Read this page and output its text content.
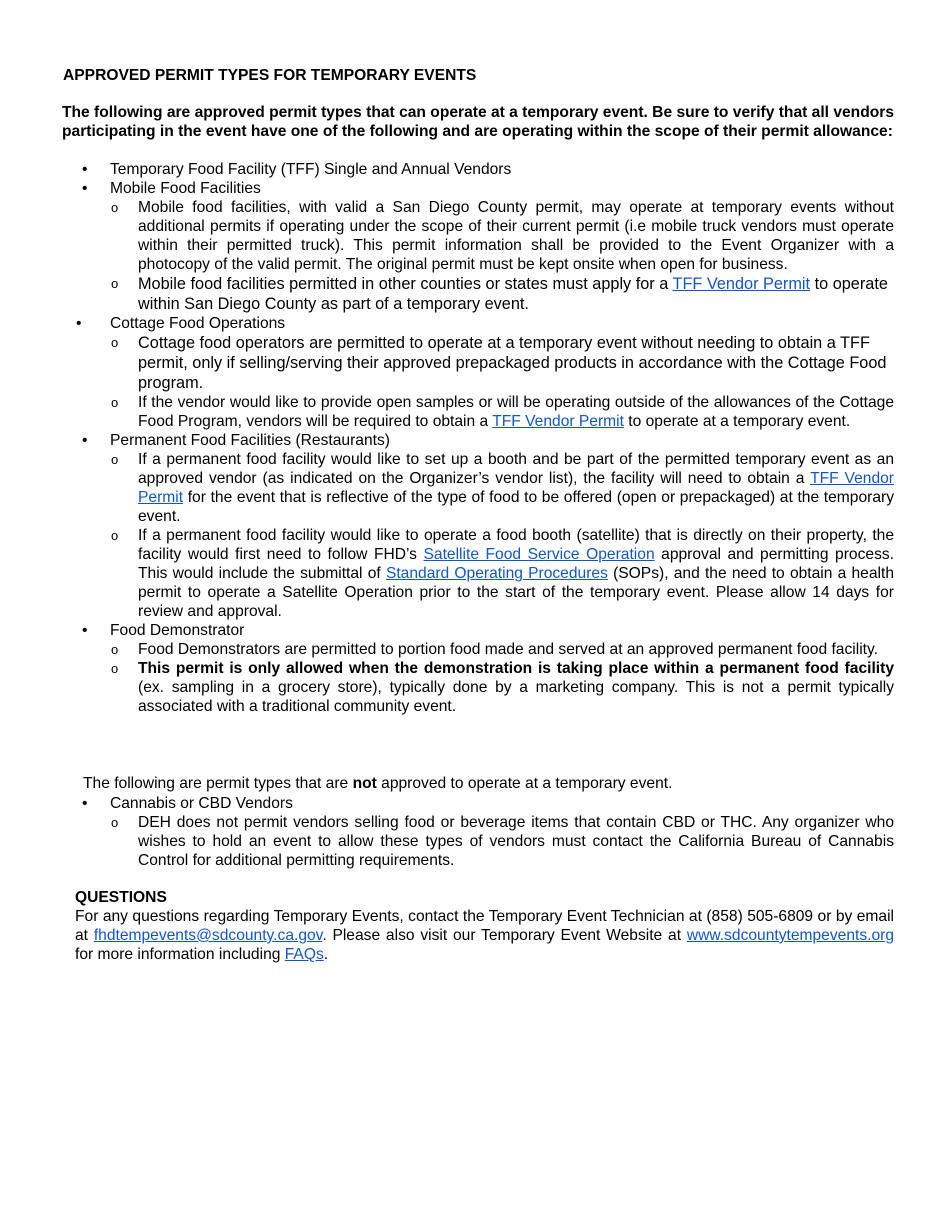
APPROVED PERMIT TYPES FOR TEMPORARY EVENTS
The following are approved permit types that can operate at a temporary event. Be sure to verify that all vendors participating in the event have one of the following and are operating within the scope of their permit allowance:
• Temporary Food Facility (TFF) Single and Annual Vendors
• Mobile Food Facilities
o Mobile food facilities, with valid a San Diego County permit, may operate at temporary events without additional permits if operating under the scope of their current permit (i.e mobile truck vendors must operate within their permitted truck). This permit information shall be provided to the Event Organizer with a photocopy of the valid permit. The original permit must be kept onsite when open for business.
o Mobile food facilities permitted in other counties or states must apply for a TFF Vendor Permit to operate within San Diego County as part of a temporary event.
• Cottage Food Operations
o Cottage food operators are permitted to operate at a temporary event without needing to obtain a TFF permit, only if selling/serving their approved prepackaged products in accordance with the Cottage Food program.
o If the vendor would like to provide open samples or will be operating outside of the allowances of the Cottage Food Program, vendors will be required to obtain a TFF Vendor Permit to operate at a temporary event.
• Permanent Food Facilities (Restaurants)
o If a permanent food facility would like to set up a booth and be part of the permitted temporary event as an approved vendor (as indicated on the Organizer’s vendor list), the facility will need to obtain a TFF Vendor Permit for the event that is reflective of the type of food to be offered (open or prepackaged) at the temporary event.
o If a permanent food facility would like to operate a food booth (satellite) that is directly on their property, the facility would first need to follow FHD’s Satellite Food Service Operation approval and permitting process. This would include the submittal of Standard Operating Procedures (SOPs), and the need to obtain a health permit to operate a Satellite Operation prior to the start of the temporary event. Please allow 14 days for review and approval.
• Food Demonstrator
o Food Demonstrators are permitted to portion food made and served at an approved permanent food facility.
o This permit is only allowed when the demonstration is taking place within a permanent food facility (ex. sampling in a grocery store), typically done by a marketing company. This is not a permit typically associated with a traditional community event.
The following are permit types that are not approved to operate at a temporary event.
• Cannabis or CBD Vendors
o DEH does not permit vendors selling food or beverage items that contain CBD or THC. Any organizer who wishes to hold an event to allow these types of vendors must contact the California Bureau of Cannabis Control for additional permitting requirements.
QUESTIONS
For any questions regarding Temporary Events, contact the Temporary Event Technician at (858) 505-6809 or by email at fhdtempevents@sdcounty.ca.gov. Please also visit our Temporary Event Website at www.sdcountytempevents.org for more information including FAQs.
